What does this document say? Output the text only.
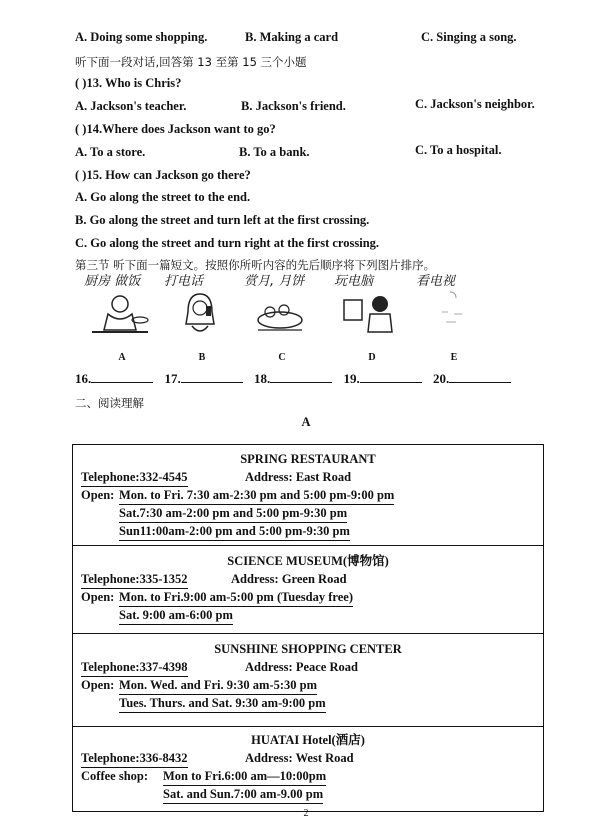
A. Doing some shopping.	B. Making a card	C. Singing a song.
听下面一段对话,回答第 13 至第 15 三个小题
( )13. Who is Chris?
A. Jackson's teacher.	B. Jackson's friend.	C. Jackson's neighbor.
( )14.Where does Jackson want to go?
A. To a store.	B. To a bank.	C. To a hospital.
( )15. How can Jackson go there?
A. Go along the street to the end.
B. Go along the street and turn left at the first crossing.
C. Go along the street and turn right at the first crossing.
第三节 听下面一篇短文。按照你所听内容的先后顺序将下列图片排序。
厨房 做饭
A
打电话
B
赏月, 月饼
C
玩电脑
D
看电视
E
16.	17.	18.	19.	20.
二、阅读理解
A
SPRING RESTAURANT
Telephone:332-4545	Address: East Road
Open: Mon. to Fri. 7:30 am-2:30 pm and 5:00 pm-9:00 pm
Sat.7:30 am-2:00 pm and 5:00 pm-9:30 pm
Sun11:00am-2:00 pm and 5:00 pm-9:30 pm
SCIENCE MUSEUM(博物馆)
Telephone:335-1352	Address: Green Road
Open: Mon. to Fri.9:00 am-5:00 pm (Tuesday free)
Sat. 9:00 am-6:00 pm
SUNSHINE SHOPPING CENTER
Telephone:337-4398	Address: Peace Road
Open: Mon. Wed. and Fri. 9:30 am-5:30 pm
Tues. Thurs. and Sat. 9:30 am-9:00 pm
HUATAI Hotel(酒店)
Telephone:336-8432	Address: West Road
Coffee shop: Mon to Fri.6:00 am—10:00pm
Sat. and Sun.7:00 am-9.00 pm
2
